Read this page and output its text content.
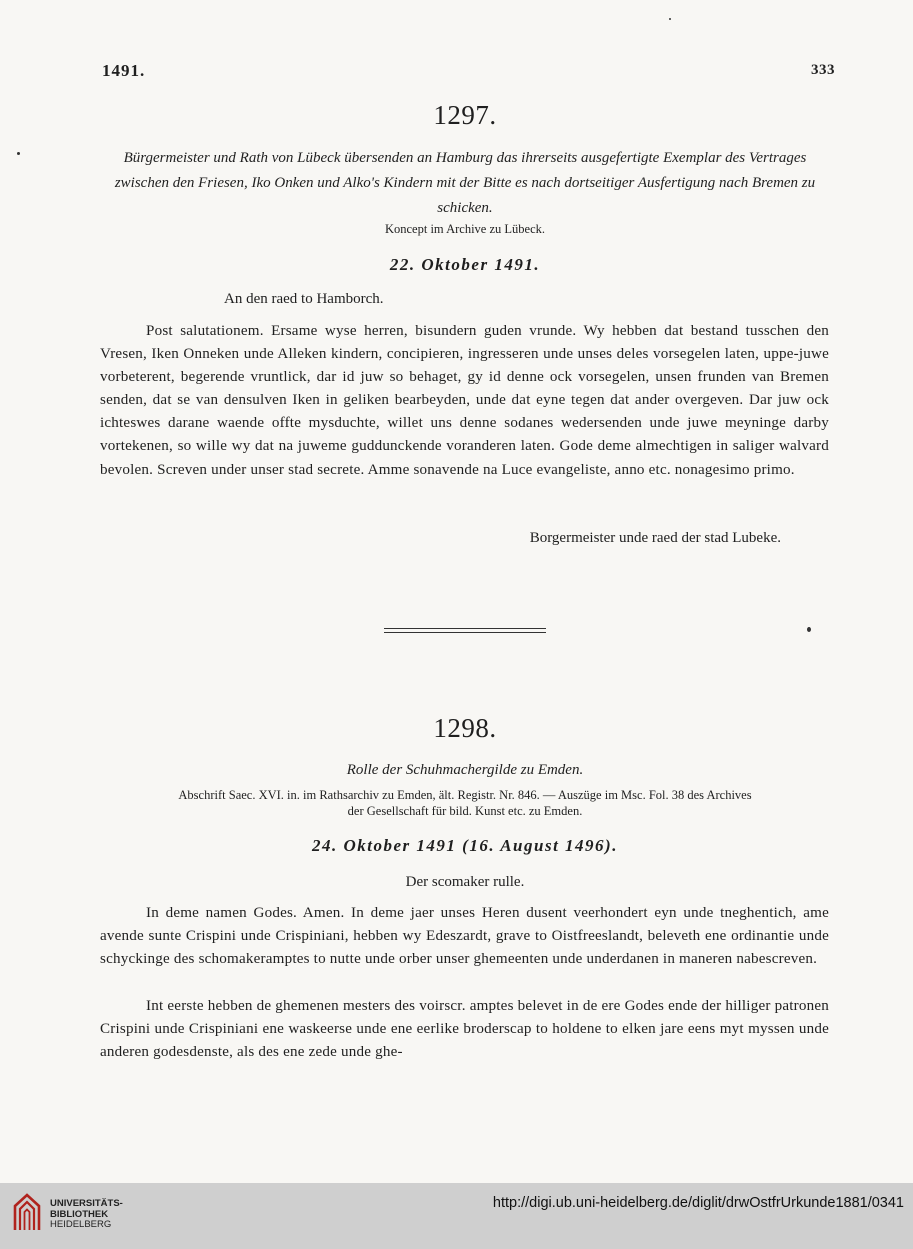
1491.	333
1297.
Bürgermeister und Rath von Lübeck übersenden an Hamburg das ihrerseits ausgefertigte Exemplar des Vertrages zwischen den Friesen, Iko Onken und Alko's Kindern mit der Bitte es nach dortseitiger Ausfertigung nach Bremen zu schicken.
Koncept im Archive zu Lübeck.
22. Oktober 1491.
An den raed to Hamborch.

Post salutationem. Ersame wyse herren, bisundern guden vrunde. Wy hebben dat bestand tusschen den Vresen, Iken Onneken unde Alleken kindern, concipieren, ingresseren unde unses deles vorsegelen laten, uppe-juwe vorbeterent, begerende vruntlick, dar id juw so behaget, gy id denne ock vorsegelen, unsen frunden van Bremen senden, dat se van densulven Iken in geliken bearbeyden, unde dat eyne tegen dat ander overgeven. Dar juw ock ichteswes darane waende offte mysduchte, willet uns denne sodanes wedersenden unde juwe meyninge darby vortekenen, so wille wy dat na juweme guddunckende voranderen laten. Gode deme almechtigen in saliger walvard bevolen. Screven under unser stad secrete. Amme sonavende na Luce evangeliste, anno etc. nonagesimo primo.

Borgermeister unde raed der stad Lubeke.
1298.
Rolle der Schuhmachergilde zu Emden.
Abschrift Saec. XVI. in. im Rathsarchiv zu Emden, ält. Registr. Nr. 846. — Auszüge im Msc. Fol. 38 des Archives
der Gesellschaft für bild. Kunst etc. zu Emden.
24. Oktober 1491 (16. August 1496).
Der scomaker rulle.

In deme namen Godes. Amen. In deme jaer unses Heren dusent veerhondert eyn unde tneghentich, ame avende sunte Crispini unde Crispiniani, hebben wy Edeszardt, grave to Oistfreeslandt, beleveth ene ordinantie unde schyckinge des schomakeramptes to nutte unde orber unser ghemeenten unde underdanen in maneren nabescreven.

Int eerste hebben de ghemenen mesters des voirscr. amptes belevet in de ere Godes ende der hilliger patronen Crispini unde Crispiniani ene waskeerse unde ene eerlike broderscap to holdene to elken jare eens myt myssen unde anderen godesdenste, als des ene zede unde ghe-

UNIVERSITÄTS-
BIBLIOTHEK
HEIDELBERG
http://digi.ub.uni-heidelberg.de/diglit/drwOstfrUrkunde1881/0341
